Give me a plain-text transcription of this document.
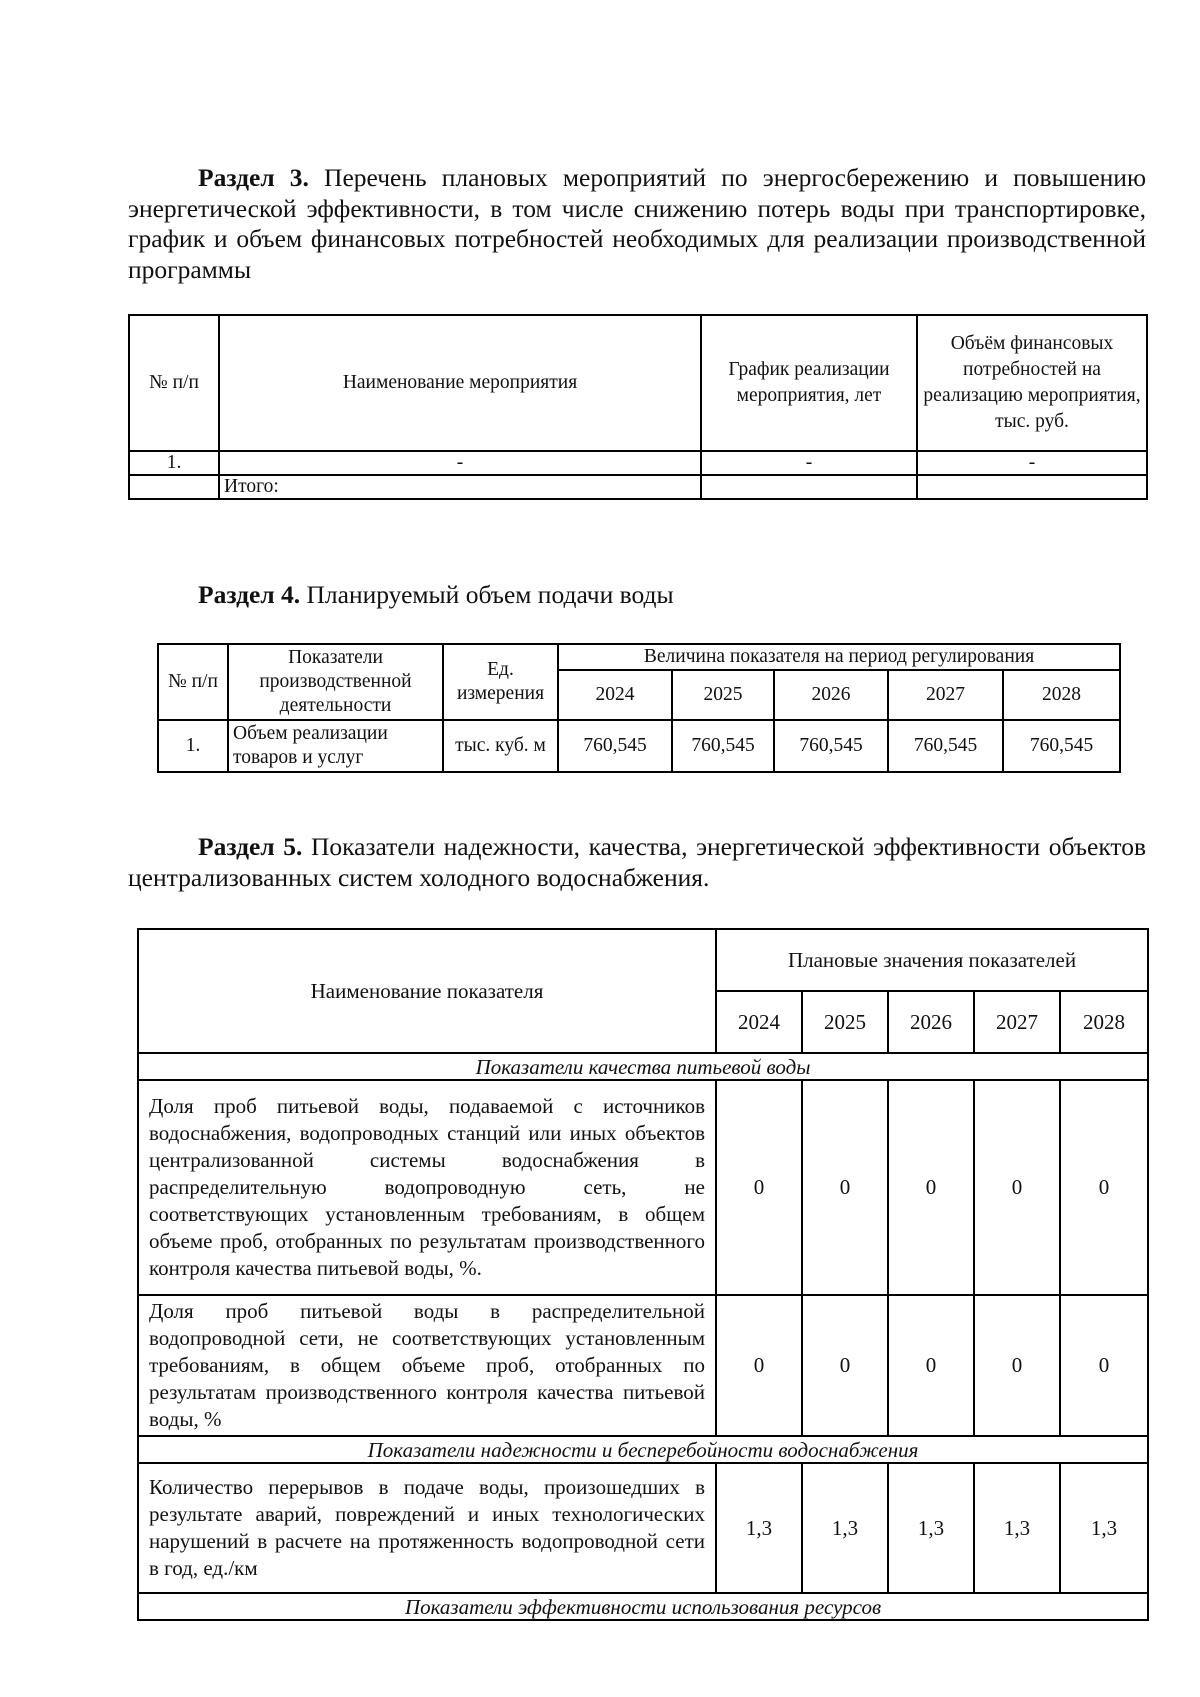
Раздел 3. Перечень плановых мероприятий по энергосбережению и повышению энергетической эффективности, в том числе снижению потерь воды при транспортировке, график и объем финансовых потребностей необходимых для реализации производственной программы

№ п/п	Наименование мероприятия	График реализации мероприятия, лет	Объём финансовых потребностей на реализацию мероприятия, тыс. руб.
1.	-	-	-
	Итого:		

Раздел 4. Планируемый объем подачи воды

№ п/п	Показатели производственной деятельности	Ед. измерения	Величина показателя на период регулирования				
			2024	2025	2026	2027	2028
1.	Объем реализации товаров и услуг	тыс. куб. м	760,545	760,545	760,545	760,545	760,545

Раздел 5. Показатели надежности, качества, энергетической эффективности объектов централизованных систем холодного водоснабжения.

Наименование показателя	Плановые значения показателей				
	2024	2025	2026	2027	2028
Показатели качества питьевой воды					
Доля проб питьевой воды, подаваемой с источников водоснабжения, водопроводных станций или иных объектов централизованной системы водоснабжения в распределительную водопроводную сеть, не соответствующих установленным требованиям, в общем объеме проб, отобранных по результатам производственного контроля качества питьевой воды, %.	0	0	0	0	0
Доля проб питьевой воды в распределительной водопроводной сети, не соответствующих установленным требованиям, в общем объеме проб, отобранных по результатам производственного контроля качества питьевой воды, %	0	0	0	0	0
Показатели надежности и бесперебойности водоснабжения					
Количество перерывов в подаче воды, произошедших в результате аварий, повреждений и иных технологических нарушений в расчете на протяженность водопроводной сети в год, ед./км	1,3	1,3	1,3	1,3	1,3
Показатели эффективности использования ресурсов					
